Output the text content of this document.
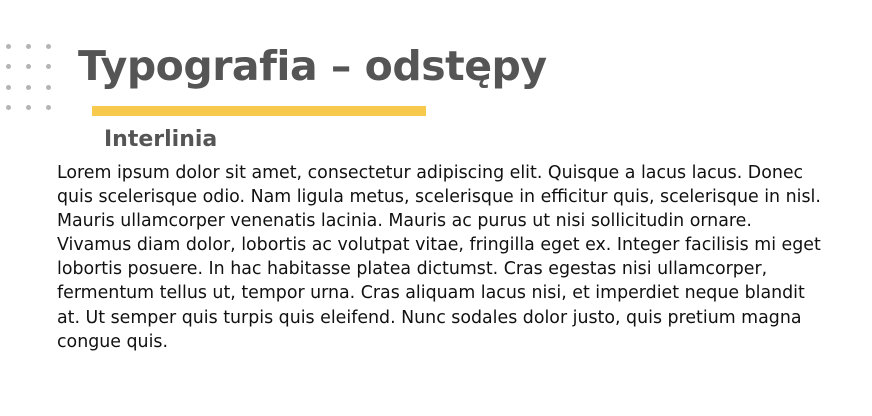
Typografia – odstępy
Interlinia

Lorem ipsum dolor sit amet, consectetur adipiscing elit. Quisque a lacus lacus. Donec quis scelerisque odio. Nam ligula metus, scelerisque in efficitur quis, scelerisque in nisl. Mauris ullamcorper venenatis lacinia. Mauris ac purus ut nisi sollicitudin ornare. Vivamus diam dolor, lobortis ac volutpat vitae, fringilla eget ex. Integer facilisis mi eget lobortis posuere. In hac habitasse platea dictumst. Cras egestas nisi ullamcorper, fermentum tellus ut, tempor urna. Cras aliquam lacus nisi, et imperdiet neque blandit at. Ut semper quis turpis quis eleifend. Nunc sodales dolor justo, quis pretium magna congue quis.
